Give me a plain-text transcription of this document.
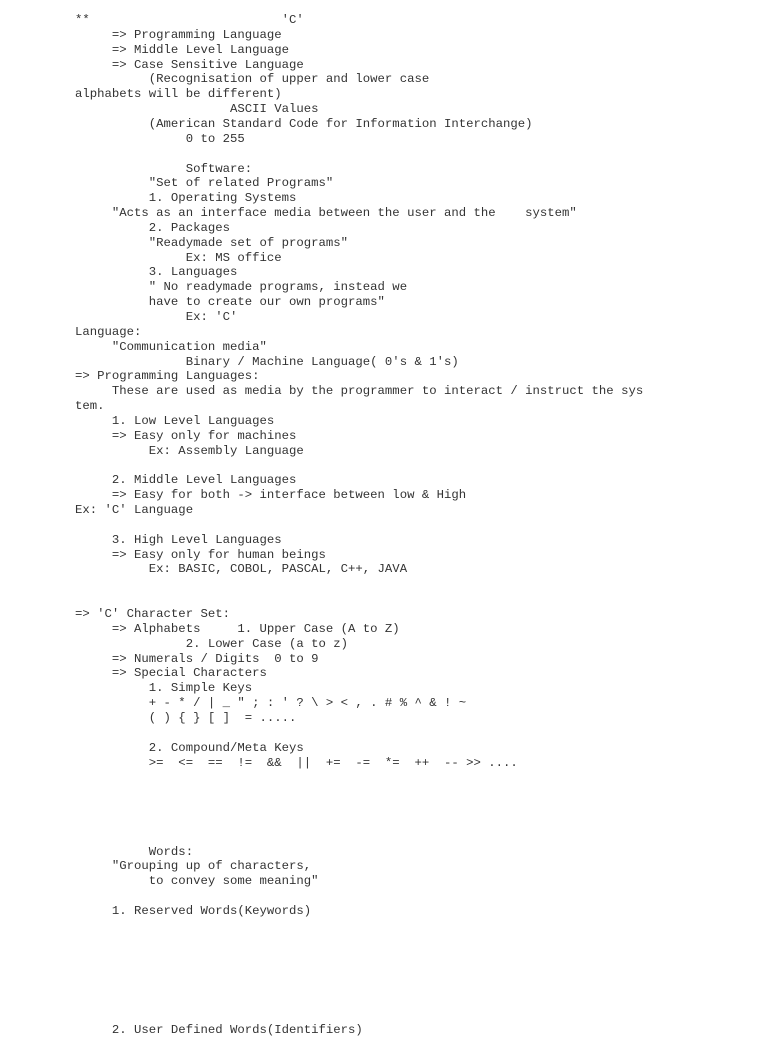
**                          'C'
=> Programming Language
=> Middle Level Language
=> Case Sensitive Language
(Recognisation of upper and lower case
alphabets will be different)
ASCII Values
(American Standard Code for Information Interchange)
0 to 255
Software:
"Set of related Programs"
1. Operating Systems
"Acts as an interface media between the user and the    system"
2. Packages
"Readymade set of programs"
Ex: MS office
3. Languages
" No readymade programs, instead we
have to create our own programs"
Ex: 'C'
Language:
"Communication media"
Binary / Machine Language( 0's & 1's)
=> Programming Languages:
These are used as media by the programmer to interact / instruct the sys
tem.
1. Low Level Languages
=> Easy only for machines
Ex: Assembly Language
2. Middle Level Languages
=> Easy for both -> interface between low & High
Ex: 'C' Language
3. High Level Languages
=> Easy only for human beings
Ex: BASIC, COBOL, PASCAL, C++, JAVA
=> 'C' Character Set:
=> Alphabets     1. Upper Case (A to Z)
2. Lower Case (a to z)
=> Numerals / Digits  0 to 9
=> Special Characters
1. Simple Keys
+ - * / | _ " ; : ' ? \ > < , . # % ^ & ! ~
( ) { } [ ]  = .....
2. Compound/Meta Keys
>=  <=  ==  !=  &&  ||  +=  -=  *=  ++  -- >> ....
Words:
"Grouping up of characters,
to convey some meaning"
1. Reserved Words(Keywords)
2. User Defined Words(Identifiers)
